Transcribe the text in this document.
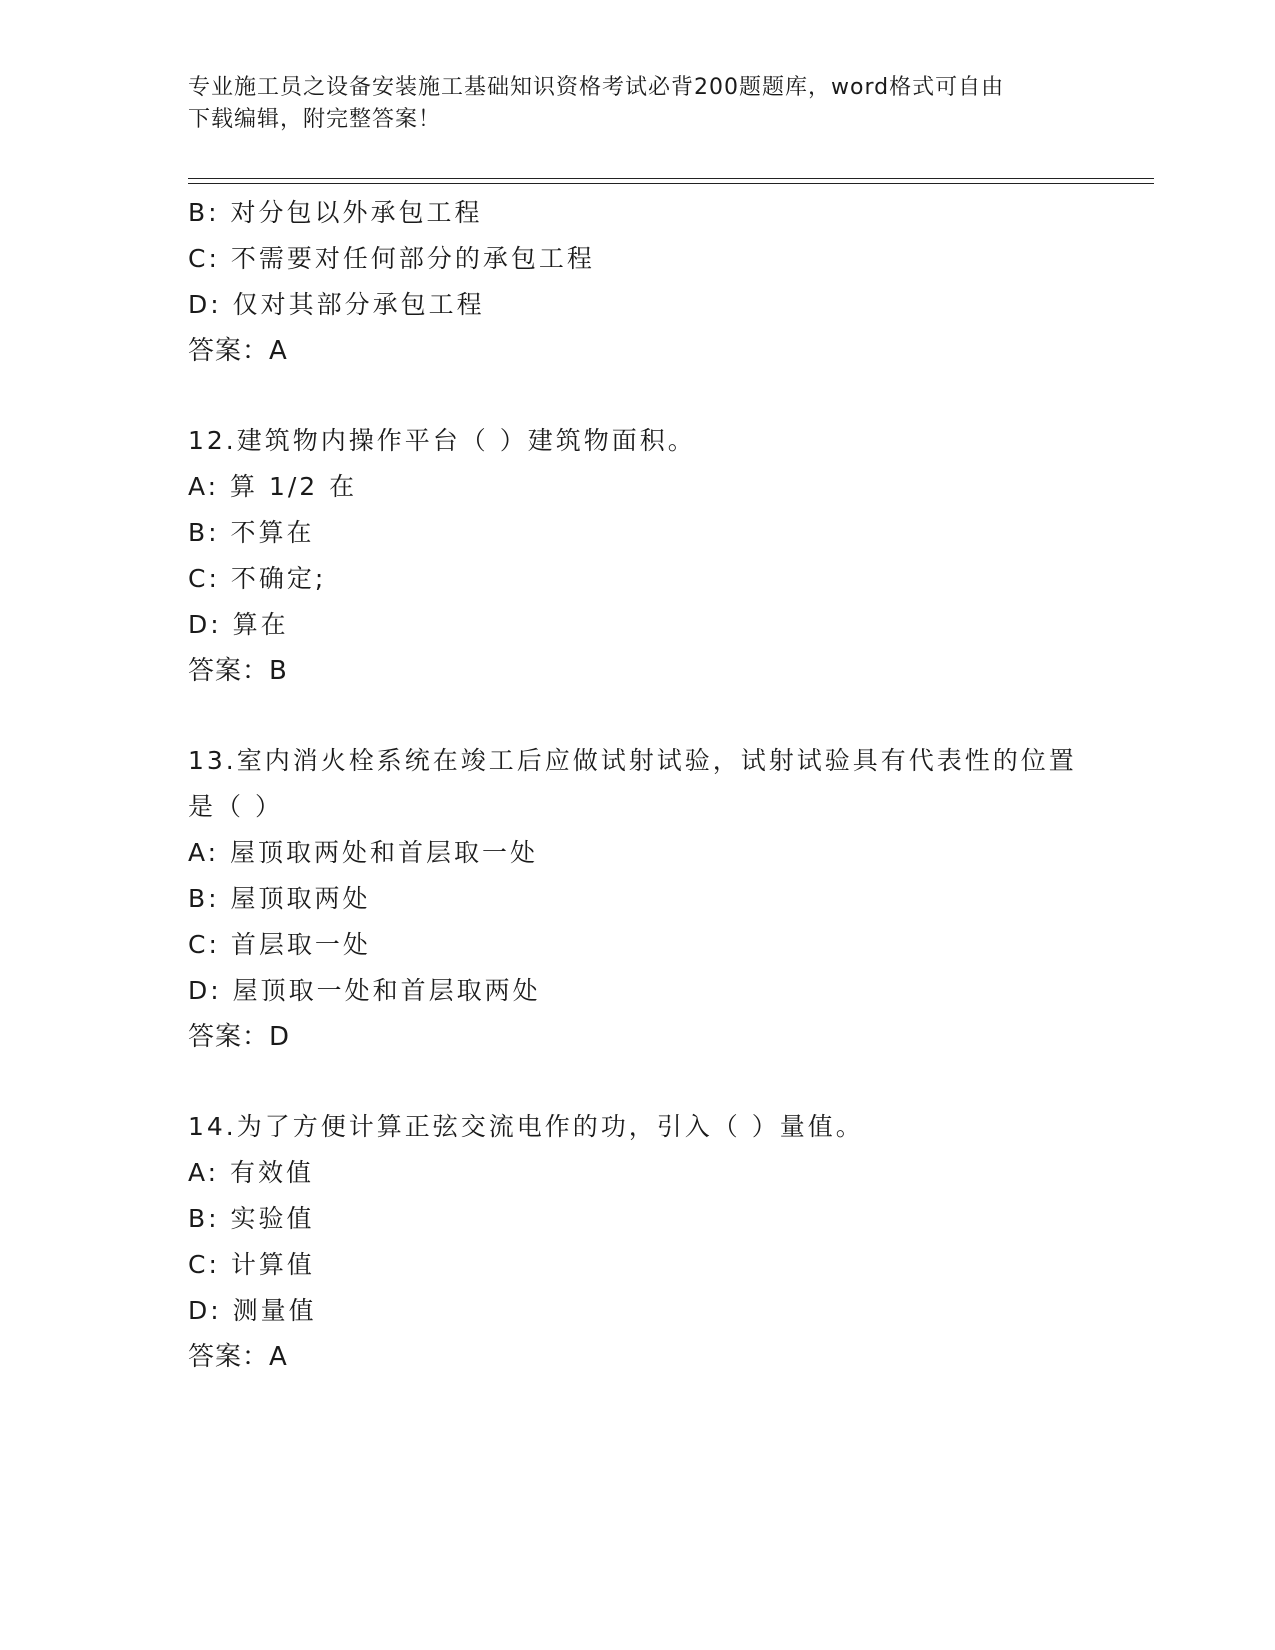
专业施工员之设备安装施工基础知识资格考试必背200题题库，word格式可自由
下载编辑，附完整答案！
B: 对分包以外承包工程
C: 不需要对任何部分的承包工程
D: 仅对其部分承包工程
答案：A
12.建筑物内操作平台（ ）建筑物面积。
A: 算 1/2 在
B: 不算在
C: 不确定;
D: 算在
答案：B
13.室内消火栓系统在竣工后应做试射试验，试射试验具有代表性的位置是（ ）
A: 屋顶取两处和首层取一处
B: 屋顶取两处
C: 首层取一处
D: 屋顶取一处和首层取两处
答案：D
14.为了方便计算正弦交流电作的功，引入（ ）量值。
A: 有效值
B: 实验值
C: 计算值
D: 测量值
答案：A
